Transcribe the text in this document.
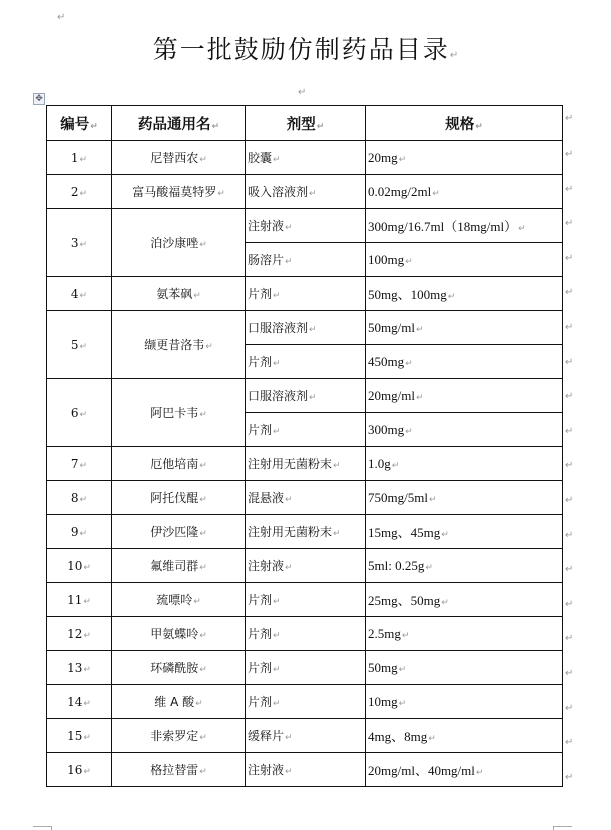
↵
第一批鼓励仿制药品目录↵
↵
✥
编号↵	药品通用名↵	剂型↵	规格↵
1↵	尼替西农↵	胶囊↵	20mg↵
2↵	富马酸福莫特罗↵	吸入溶液剂↵	0.02mg/2ml↵
3↵	泊沙康唑↵	注射液↵	300mg/16.7ml（18mg/ml）↵
		肠溶片↵	100mg↵
4↵	氨苯砜↵	片剂↵	50mg、100mg↵
5↵	缬更昔洛韦↵	口服溶液剂↵	50mg/ml↵
		片剂↵	450mg↵
6↵	阿巴卡韦↵	口服溶液剂↵	20mg/ml↵
		片剂↵	300mg↵
7↵	厄他培南↵	注射用无菌粉末↵	1.0g↵
8↵	阿托伐醌↵	混悬液↵	750mg/5ml↵
9↵	伊沙匹隆↵	注射用无菌粉末↵	15mg、45mg↵
10↵	氟维司群↵	注射液↵	5ml: 0.25g↵
11↵	巯嘌呤↵	片剂↵	25mg、50mg↵
12↵	甲氨蝶呤↵	片剂↵	2.5mg↵
13↵	环磷酰胺↵	片剂↵	50mg↵
14↵	维 A 酸↵	片剂↵	10mg↵
15↵	非索罗定↵	缓释片↵	4mg、8mg↵
16↵	格拉替雷↵	注射液↵	20mg/ml、40mg/ml↵
↵
↵
↵
↵
↵
↵
↵
↵
↵
↵
↵
↵
↵
↵
↵
↵
↵
↵
↵
↵
